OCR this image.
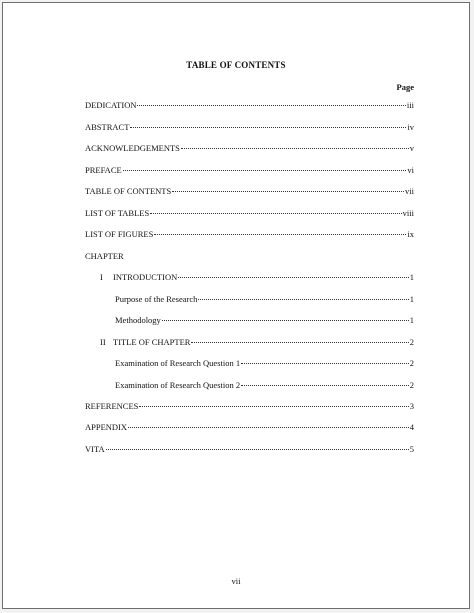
TABLE OF CONTENTS
Page
DEDICATION	iii
ABSTRACT	iv
ACKNOWLEDGEMENTS	v
PREFACE	vi
TABLE OF CONTENTS	vii
LIST OF TABLES	viii
LIST OF FIGURES	ix
CHAPTER
I INTRODUCTION	1
Purpose of the Research	1
Methodology	1
II TITLE OF CHAPTER	2
Examination of Research Question 1	2
Examination of Research Question 2	2
REFERENCES	3
APPENDIX	4
VITA	5
vii
